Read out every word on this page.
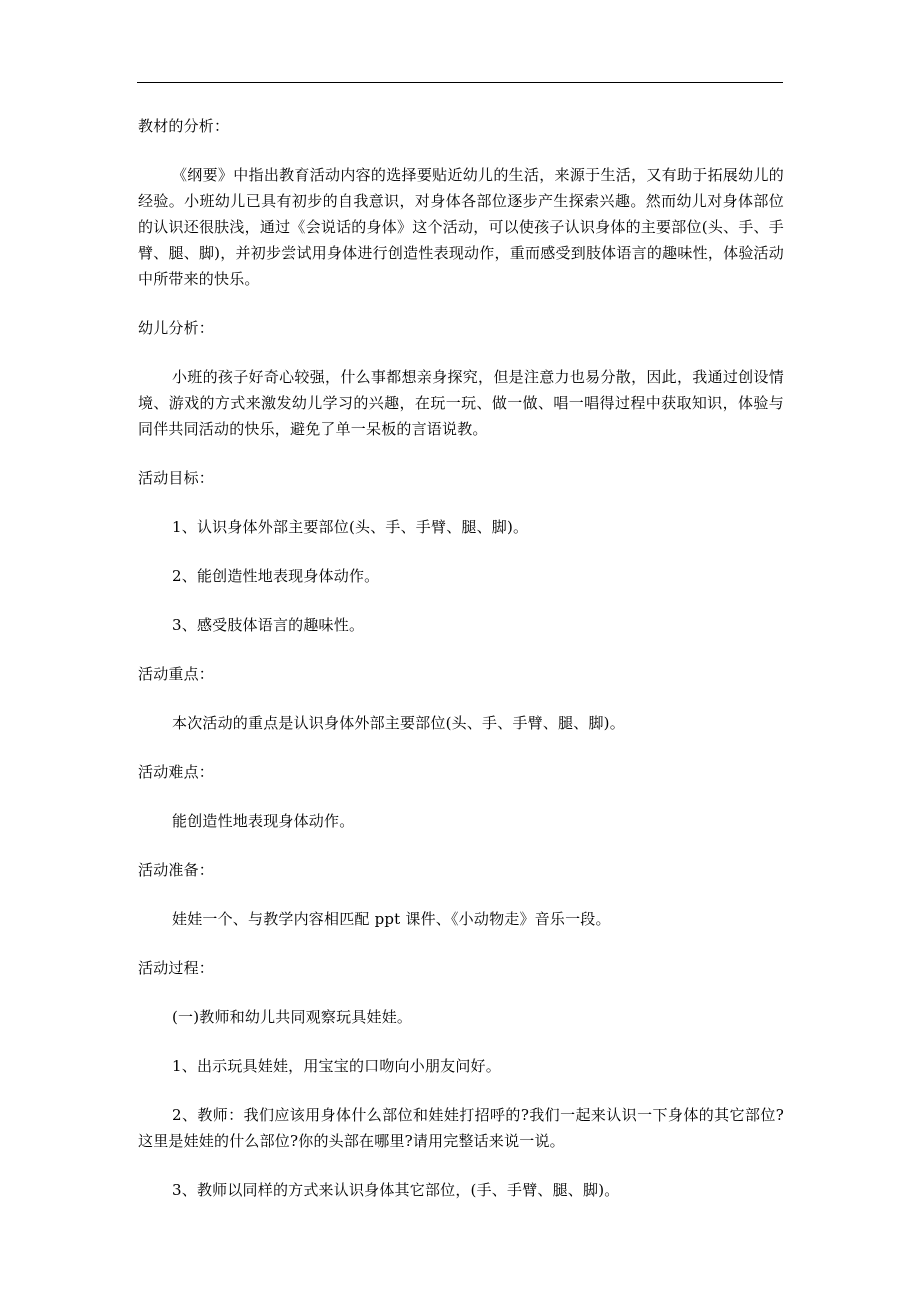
教材的分析：

《纲要》中指出教育活动内容的选择要贴近幼儿的生活，来源于生活，又有助于拓展幼儿的经验。小班幼儿已具有初步的自我意识，对身体各部位逐步产生探索兴趣。然而幼儿对身体部位的认识还很肤浅，通过《会说话的身体》这个活动，可以使孩子认识身体的主要部位(头、手、手臂、腿、脚)，并初步尝试用身体进行创造性表现动作，重而感受到肢体语言的趣味性，体验活动中所带来的快乐。

幼儿分析：

小班的孩子好奇心较强，什么事都想亲身探究，但是注意力也易分散，因此，我通过创设情境、游戏的方式来激发幼儿学习的兴趣，在玩一玩、做一做、唱一唱得过程中获取知识，体验与同伴共同活动的快乐，避免了单一呆板的言语说教。

活动目标：

1、认识身体外部主要部位(头、手、手臂、腿、脚)。

2、能创造性地表现身体动作。

3、感受肢体语言的趣味性。

活动重点：

本次活动的重点是认识身体外部主要部位(头、手、手臂、腿、脚)。

活动难点：

能创造性地表现身体动作。

活动准备：

娃娃一个、与教学内容相匹配 ppt 课件、《小动物走》音乐一段。

活动过程：

(一)教师和幼儿共同观察玩具娃娃。

1、出示玩具娃娃，用宝宝的口吻向小朋友问好。

2、教师：我们应该用身体什么部位和娃娃打招呼的?我们一起来认识一下身体的其它部位?这里是娃娃的什么部位?你的头部在哪里?请用完整话来说一说。

3、教师以同样的方式来认识身体其它部位，(手、手臂、腿、脚)。
